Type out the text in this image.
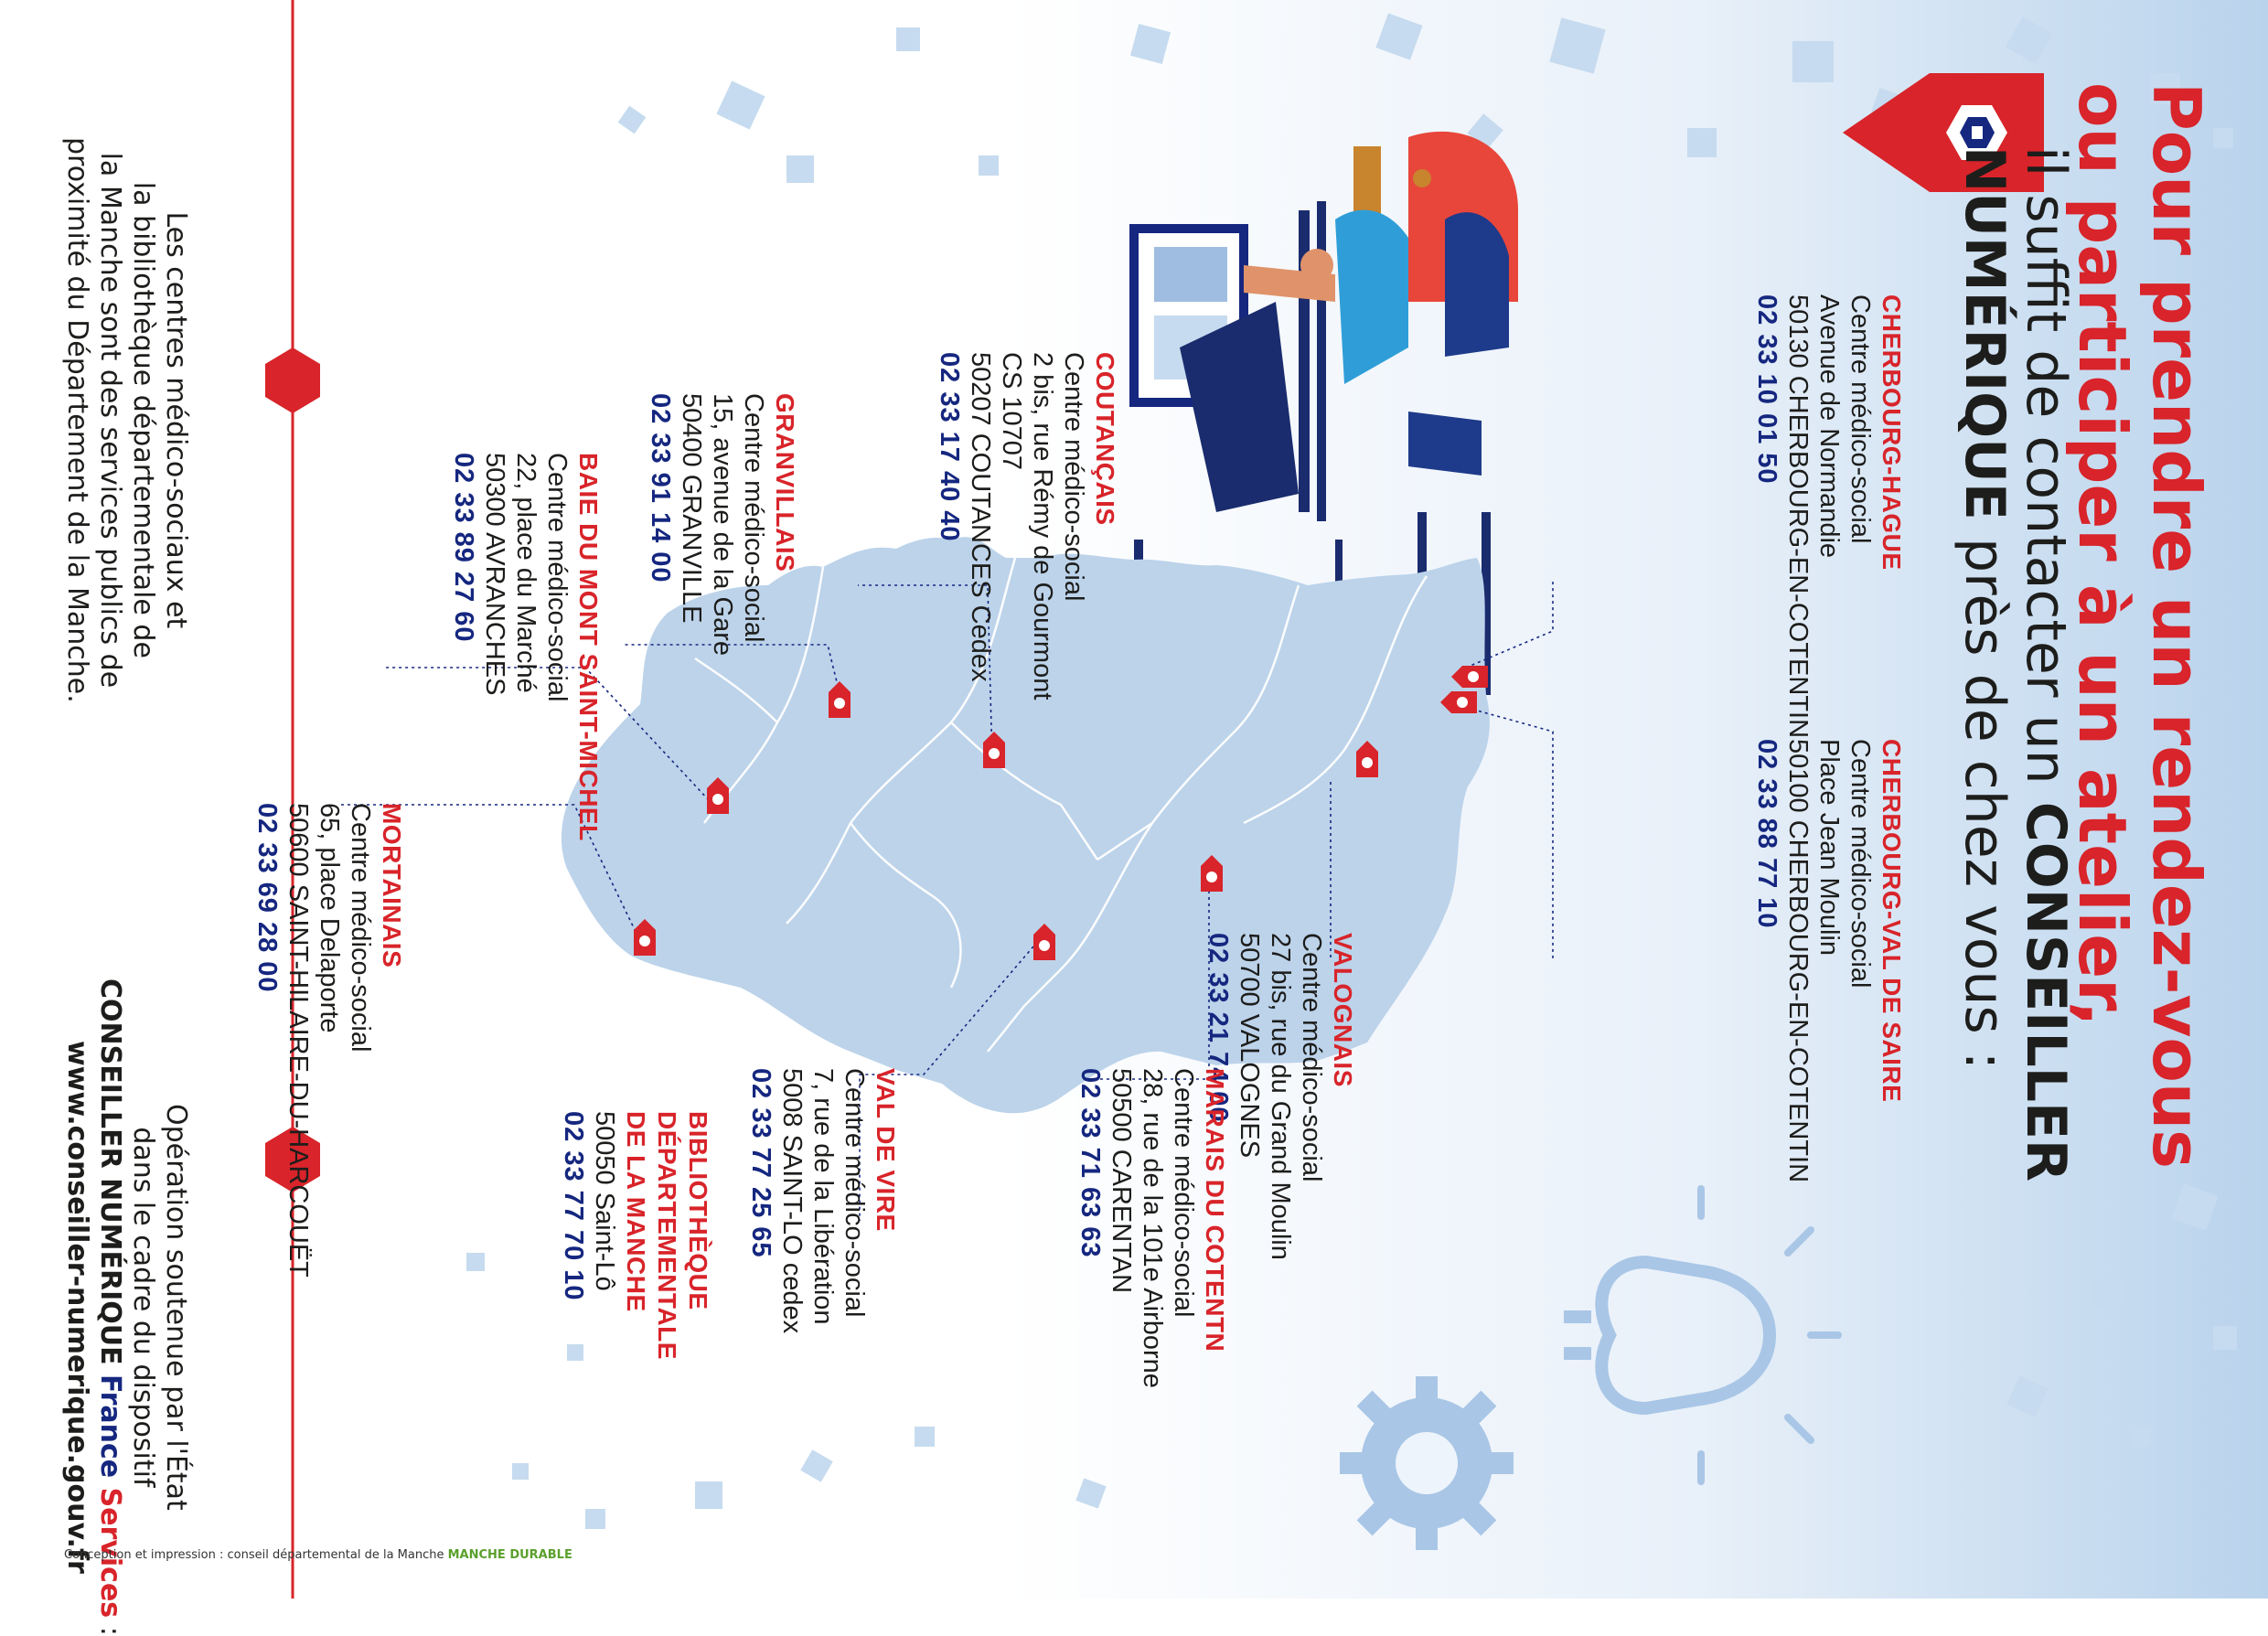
Pour prendre un rendez-vous
ou participer à un atelier,
il suffit de contacter un CONSEILLER
NUMÉRIQUE près de chez vous :
CHERBOURG-HAGUE
Centre médico-social
Avenue de Normandie
50130 CHERBOURG-EN-COTENTIN
02 33 10 01 50
CHERBOURG-VAL DE SAIRE
Centre médico-social
Place Jean Moulin
50100 CHERBOURG-EN-COTENTIN
02 33 88 77 10
COUTANÇAIS
Centre médico-social
2 bis, rue Rémy de Gourmont
CS 10707
50207 COUTANCES Cedex
02 33 17 40 40
GRANVILLAIS
Centre médico-social
15, avenue de la Gare
50400 GRANVILLE
02 33 91 14 00
BAIE DU MONT SAINT-MICHEL
Centre médico-social
22, place du Marché
50300 AVRANCHES
02 33 89 27 60
VALOGNAIS
Centre médico-social
27 bis, rue du Grand Moulin
50700 VALOGNES
02 33 21 74 00
MARAIS DU COTENTN
Centre médico-social
28, rue de la 101e Airborne
50500 CARENTAN
02 33 71 63 63
VAL DE VIRE
Centre médico-social
7, rue de la Libération
5008 SAINT-LO cedex
02 33 77 25 65
BIBLIOTHÈQUE DÉPARTEMENTALE DE LA MANCHE
50050 Saint-Lô
02 33 77 70 10
MORTAINAIS
Centre médico-social
65, place Delaporte
50600 SAINT-HILAIRE-DU-HARCOUËT
02 33 69 28 00
Les centres médico-sociaux et
la bibliothèque départementale de
la Manche sont des services publics de
proximité du Département de la Manche.
Opération soutenue par l'État
dans le cadre du dispositif
CONSEILLER NUMÉRIQUE France Services :
www.conseiller-numerique.gouv.fr
Conception et impression : conseil départemental de la Manche MANCHE DURABLE
